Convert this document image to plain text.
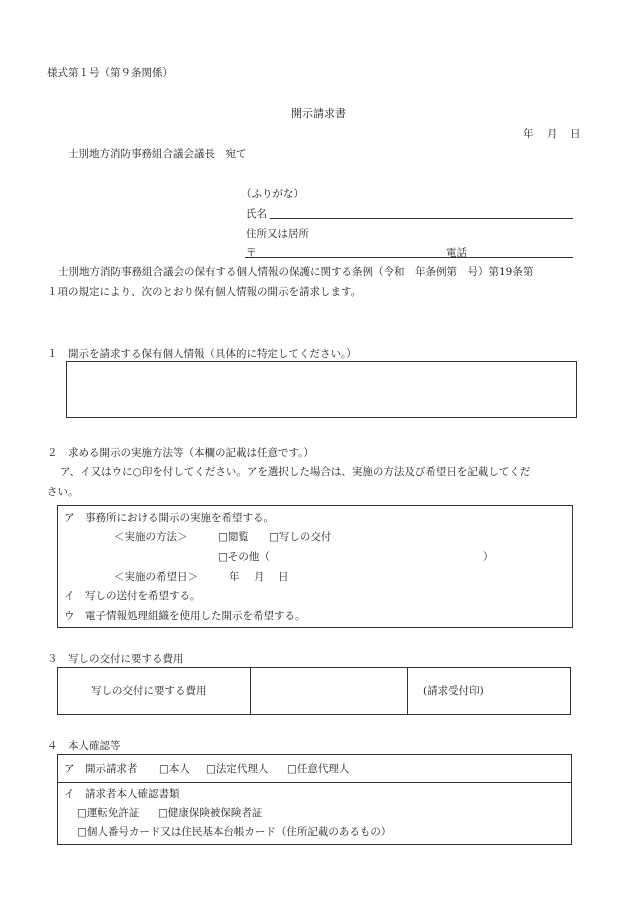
様式第１号（第９条関係）
開示請求書
年 月 日
士別地方消防事務組合議会議長　宛て
（ふりがな）
氏名
住所又は居所
〒	電話
士別地方消防事務組合議会の保有する個人情報の保護に関する条例（令和　年条例第　号）第19条第
１項の規定により、次のとおり保有個人情報の開示を請求します。
１　開示を請求する保有個人情報（具体的に特定してください。）
２　求める開示の実施方法等（本欄の記載は任意です。）
ア、イ又はウに○印を付してください。アを選択した場合は、実施の方法及び希望日を記載してくだ
さい。
ア　事務所における開示の実施を希望する。
＜実施の方法＞	□閲覧 □写しの交付
□その他（	）
＜実施の希望日＞	年 月 日
イ　写しの送付を希望する。
ウ　電子情報処理組織を使用した開示を希望する。
３　写しの交付に要する費用
写しの交付に要する費用	(請求受付印)
４　本人確認等
ア　開示請求者 □本人 □法定代理人 □任意代理人
イ　請求者本人確認書類
□運転免許証 □健康保険被保険者証
□個人番号カード又は住民基本台帳カード（住所記載のあるもの）
